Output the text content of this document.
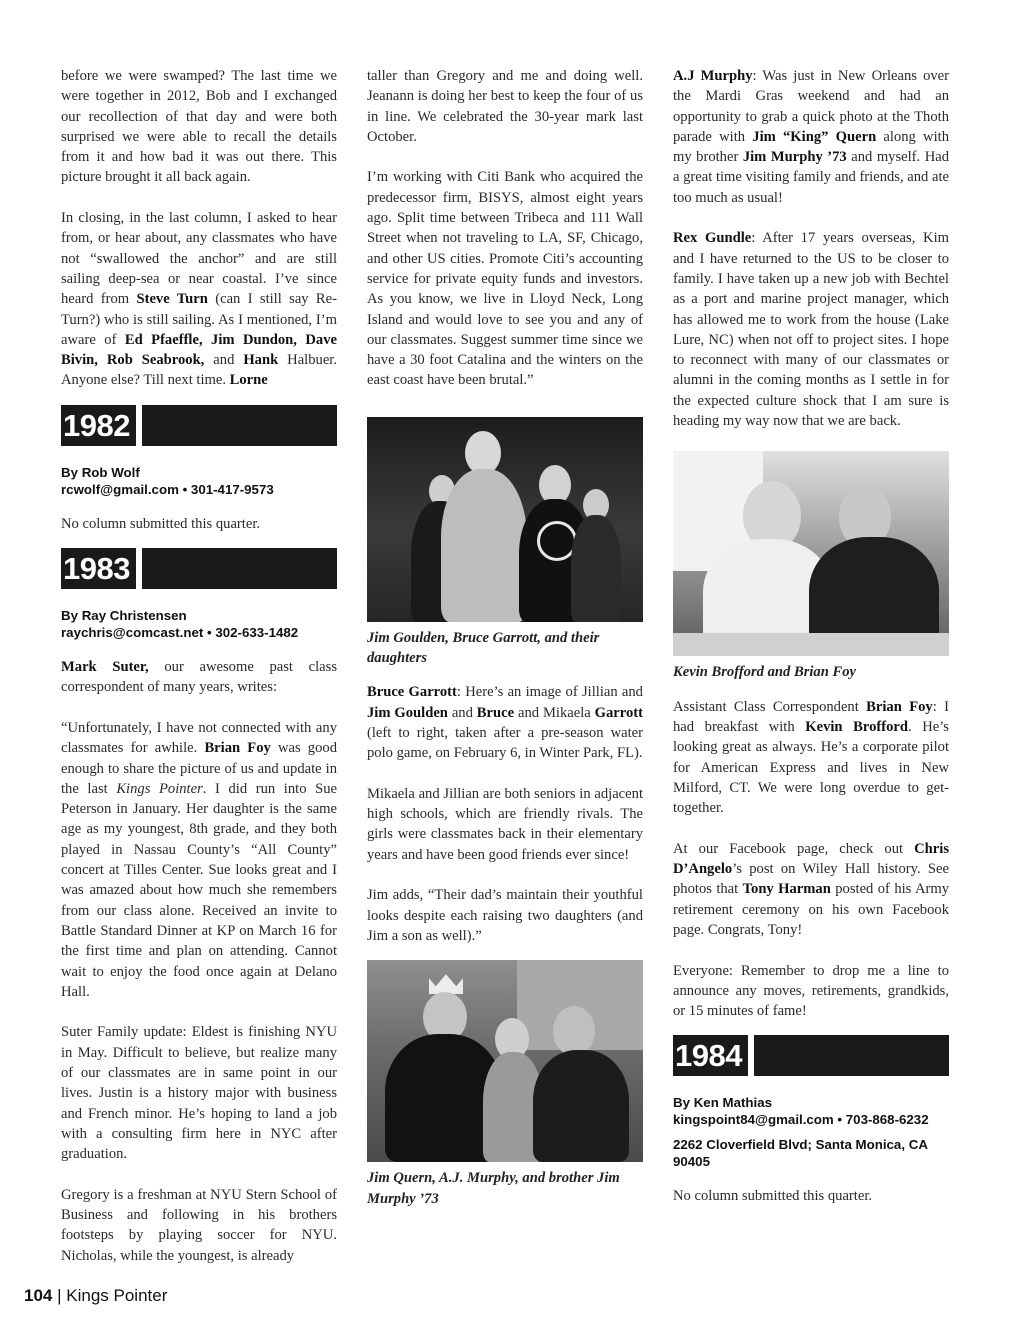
before we were swamped? The last time we were together in 2012, Bob and I exchanged our recollection of that day and were both surprised we were able to recall the details from it and how bad it was out there. This picture brought it all back again.

In closing, in the last column, I asked to hear from, or hear about, any classmates who have not “swallowed the anchor” and are still sailing deep-sea or near coastal. I’ve since heard from Steve Turn (can I still say Re-Turn?) who is still sailing. As I mentioned, I’m aware of Ed Pfaeffle, Jim Dundon, Dave Bivin, Rob Seabrook, and Hank Halbuer. Anyone else? Till next time. Lorne

1982
By Rob Wolf
rcwolf@gmail.com • 301-417-9573

No column submitted this quarter.

1983
By Ray Christensen
raychris@comcast.net • 302-633-1482

Mark Suter, our awesome past class correspondent of many years, writes:

“Unfortunately, I have not connected with any classmates for awhile. Brian Foy was good enough to share the picture of us and update in the last Kings Pointer. I did run into Sue Peterson in January. Her daughter is the same age as my youngest, 8th grade, and they both played in Nassau County’s “All County” concert at Tilles Center. Sue looks great and I was amazed about how much she remembers from our class alone. Received an invite to Battle Standard Dinner at KP on March 16 for the first time and plan on attending. Cannot wait to enjoy the food once again at Delano Hall.

Suter Family update: Eldest is finishing NYU in May. Difficult to believe, but realize many of our classmates are in same point in our lives. Justin is a history major with business and French minor. He’s hoping to land a job with a consulting firm here in NYC after graduation.

Gregory is a freshman at NYU Stern School of Business and following in his brothers footsteps by playing soccer for NYU. Nicholas, while the youngest, is already

taller than Gregory and me and doing well. Jeanann is doing her best to keep the four of us in line. We celebrated the 30-year mark last October.

I’m working with Citi Bank who acquired the predecessor firm, BISYS, almost eight years ago. Split time between Tribeca and 111 Wall Street when not traveling to LA, SF, Chicago, and other US cities. Promote Citi’s accounting service for private equity funds and investors. As you know, we live in Lloyd Neck, Long Island and would love to see you and any of our classmates. Suggest summer time since we have a 30 foot Catalina and the winters on the east coast have been brutal.”

Jim Goulden, Bruce Garrott, and their daughters

Bruce Garrott: Here’s an image of Jillian and Jim Goulden and Bruce and Mikaela Garrott (left to right, taken after a pre-season water polo game, on February 6, in Winter Park, FL).

Mikaela and Jillian are both seniors in adjacent high schools, which are friendly rivals. The girls were classmates back in their elementary years and have been good friends ever since!

Jim adds, “Their dad’s maintain their youthful looks despite each raising two daughters (and Jim a son as well).”

Jim Quern, A.J. Murphy, and brother Jim Murphy ’73

A.J Murphy: Was just in New Orleans over the Mardi Gras weekend and had an opportunity to grab a quick photo at the Thoth parade with Jim “King” Quern along with my brother Jim Murphy ’73 and myself. Had a great time visiting family and friends, and ate too much as usual!

Rex Gundle: After 17 years overseas, Kim and I have returned to the US to be closer to family. I have taken up a new job with Bechtel as a port and marine project manager, which has allowed me to work from the house (Lake Lure, NC) when not off to project sites. I hope to reconnect with many of our classmates or alumni in the coming months as I settle in for the expected culture shock that I am sure is heading my way now that we are back.

Kevin Brofford and Brian Foy

Assistant Class Correspondent Brian Foy: I had breakfast with Kevin Brofford. He’s looking great as always. He’s a corporate pilot for American Express and lives in New Milford, CT. We were long overdue to get-together.

At our Facebook page, check out Chris D’Angelo’s post on Wiley Hall history. See photos that Tony Harman posted of his Army retirement ceremony on his own Facebook page. Congrats, Tony!

Everyone: Remember to drop me a line to announce any moves, retirements, grandkids, or 15 minutes of fame!

1984
By Ken Mathias
kingspoint84@gmail.com • 703-868-6232
2262 Cloverfield Blvd; Santa Monica, CA 90405

No column submitted this quarter.

104 | Kings Pointer
